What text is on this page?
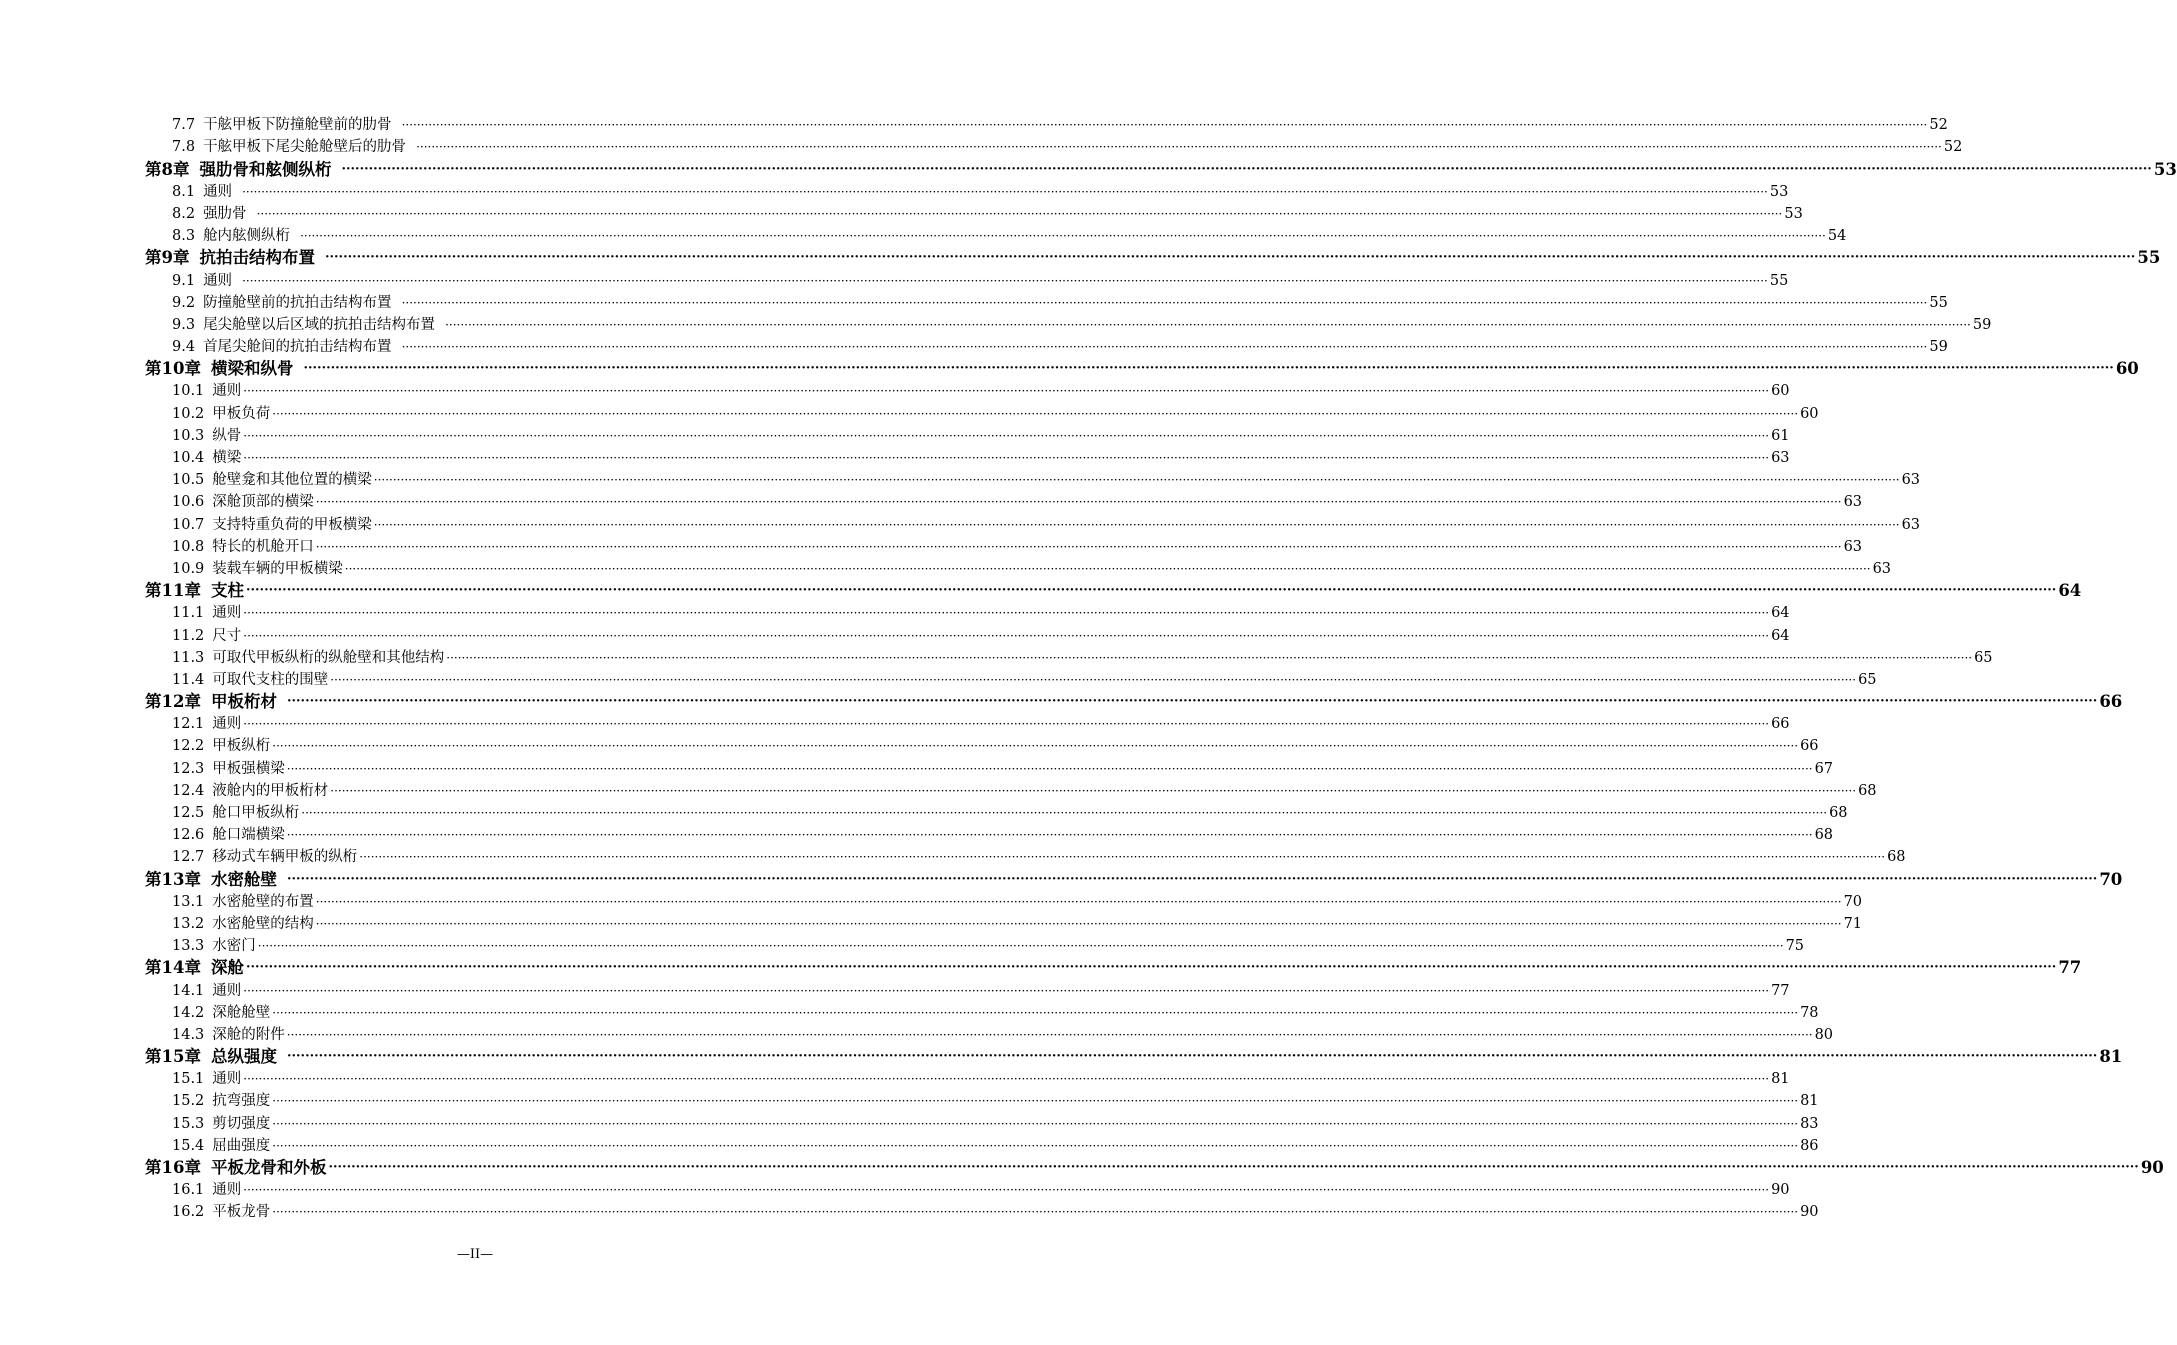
7.7 干舷甲板下防撞舱壁前的肋骨 ················································································································································································································································································································································································································ 52
7.8 干舷甲板下尾尖舱舱壁后的肋骨 ················································································································································································································································································································································································································ 52
第8章 强肋骨和舷侧纵桁 ················································································································································································································································································································································································································ 53
8.1 通则 ················································································································································································································································································································································································································ 53
8.2 强肋骨 ················································································································································································································································································································································································································ 53
8.3 舱内舷侧纵桁 ················································································································································································································································································································································································································ 54
第9章 抗拍击结构布置 ················································································································································································································································································································································································································ 55
9.1 通则 ················································································································································································································································································································································································································ 55
9.2 防撞舱壁前的抗拍击结构布置 ················································································································································································································································································································································································································ 55
9.3 尾尖舱壁以后区域的抗拍击结构布置 ················································································································································································································································································································································································································ 59
9.4 首尾尖舱间的抗拍击结构布置 ················································································································································································································································································································································································································ 59
第10章 横梁和纵骨 ················································································································································································································································································································································································································ 60
10.1 通则 ················································································································································································································································································································································································································ 60
10.2 甲板负荷 ················································································································································································································································································································································································································ 60
10.3 纵骨 ················································································································································································································································································································································································································ 61
10.4 横梁 ················································································································································································································································································································································································································ 63
10.5 舱壁龛和其他位置的横梁 ················································································································································································································································································································································································································ 63
10.6 深舱顶部的横梁 ················································································································································································································································································································································································································ 63
10.7 支持特重负荷的甲板横梁 ················································································································································································································································································································································································································ 63
10.8 特长的机舱开口 ················································································································································································································································································································································································································ 63
10.9 装载车辆的甲板横梁 ················································································································································································································································································································································································································ 63
第11章 支柱 ················································································································································································································································································································································································································ 64
11.1 通则 ················································································································································································································································································································································································································ 64
11.2 尺寸 ················································································································································································································································································································································································································ 64
11.3 可取代甲板纵桁的纵舱壁和其他结构 ················································································································································································································································································································································································································ 65
11.4 可取代支柱的围壁 ················································································································································································································································································································································································································ 65
第12章 甲板桁材 ················································································································································································································································································································································································································ 66
12.1 通则 ················································································································································································································································································································································································································ 66
12.2 甲板纵桁 ················································································································································································································································································································································································································ 66
12.3 甲板强横梁 ················································································································································································································································································································································································································ 67
12.4 液舱内的甲板桁材 ················································································································································································································································································································································································································ 68
12.5 舱口甲板纵桁 ················································································································································································································································································································································································································ 68
12.6 舱口端横梁 ················································································································································································································································································································································································································ 68
12.7 移动式车辆甲板的纵桁 ················································································································································································································································································································································································································ 68
第13章 水密舱壁 ················································································································································································································································································································································································································ 70
13.1 水密舱壁的布置 ················································································································································································································································································································································································································ 70
13.2 水密舱壁的结构 ················································································································································································································································································································································································································ 71
13.3 水密门 ················································································································································································································································································································································································································ 75
第14章 深舱 ················································································································································································································································································································································································································ 77
14.1 通则 ················································································································································································································································································································································································································ 77
14.2 深舱舱壁 ················································································································································································································································································································································································································ 78
14.3 深舱的附件 ················································································································································································································································································································································································································ 80
第15章 总纵强度 ················································································································································································································································································································································································································ 81
15.1 通则 ················································································································································································································································································································································································································ 81
15.2 抗弯强度 ················································································································································································································································································································································································································ 81
15.3 剪切强度 ················································································································································································································································································································································································································ 83
15.4 屈曲强度 ················································································································································································································································································································································································································ 86
第16章 平板龙骨和外板 ················································································································································································································································································································································································································ 90
16.1 通则 ················································································································································································································································································································································································································ 90
16.2 平板龙骨 ················································································································································································································································································································································································································ 90
—II—
